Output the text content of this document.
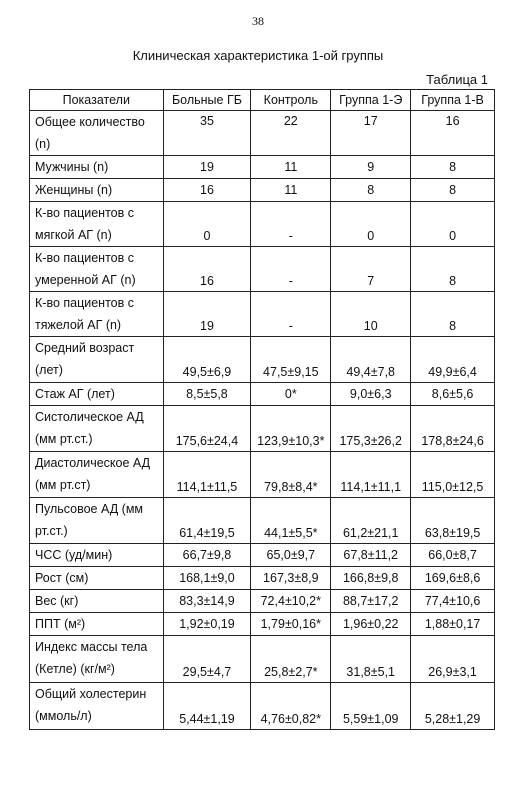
38
Клиническая характеристика 1-ой группы
Таблица 1
Показатели	Больные ГБ	Контроль	Группа 1-Э	Группа 1-В
Общее количество (n)	35	22	17	16
Мужчины (n)	19	11	9	8
Женщины (n)	16	11	8	8
К-во пациентов с мягкой АГ (n)	0	-	0	0
К-во пациентов с умеренной АГ (n)	16	-	7	8
К-во пациентов с тяжелой АГ (n)	19	-	10	8
Средний возраст (лет)	49,5±6,9	47,5±9,15	49,4±7,8	49,9±6,4
Стаж АГ (лет)	8,5±5,8	0*	9,0±6,3	8,6±5,6
Систолическое АД (мм рт.ст.)	175,6±24,4	123,9±10,3*	175,3±26,2	178,8±24,6
Диастолическое АД (мм рт.ст)	114,1±11,5	79,8±8,4*	114,1±11,1	115,0±12,5
Пульсовое АД (мм рт.ст.)	61,4±19,5	44,1±5,5*	61,2±21,1	63,8±19,5
ЧСС (уд/мин)	66,7±9,8	65,0±9,7	67,8±11,2	66,0±8,7
Рост (см)	168,1±9,0	167,3±8,9	166,8±9,8	169,6±8,6
Вес (кг)	83,3±14,9	72,4±10,2*	88,7±17,2	77,4±10,6
ППТ (м²)	1,92±0,19	1,79±0,16*	1,96±0,22	1,88±0,17
Индекс массы тела (Кетле) (кг/м²)	29,5±4,7	25,8±2,7*	31,8±5,1	26,9±3,1
Общий холестерин (ммоль/л)	5,44±1,19	4,76±0,82*	5,59±1,09	5,28±1,29
